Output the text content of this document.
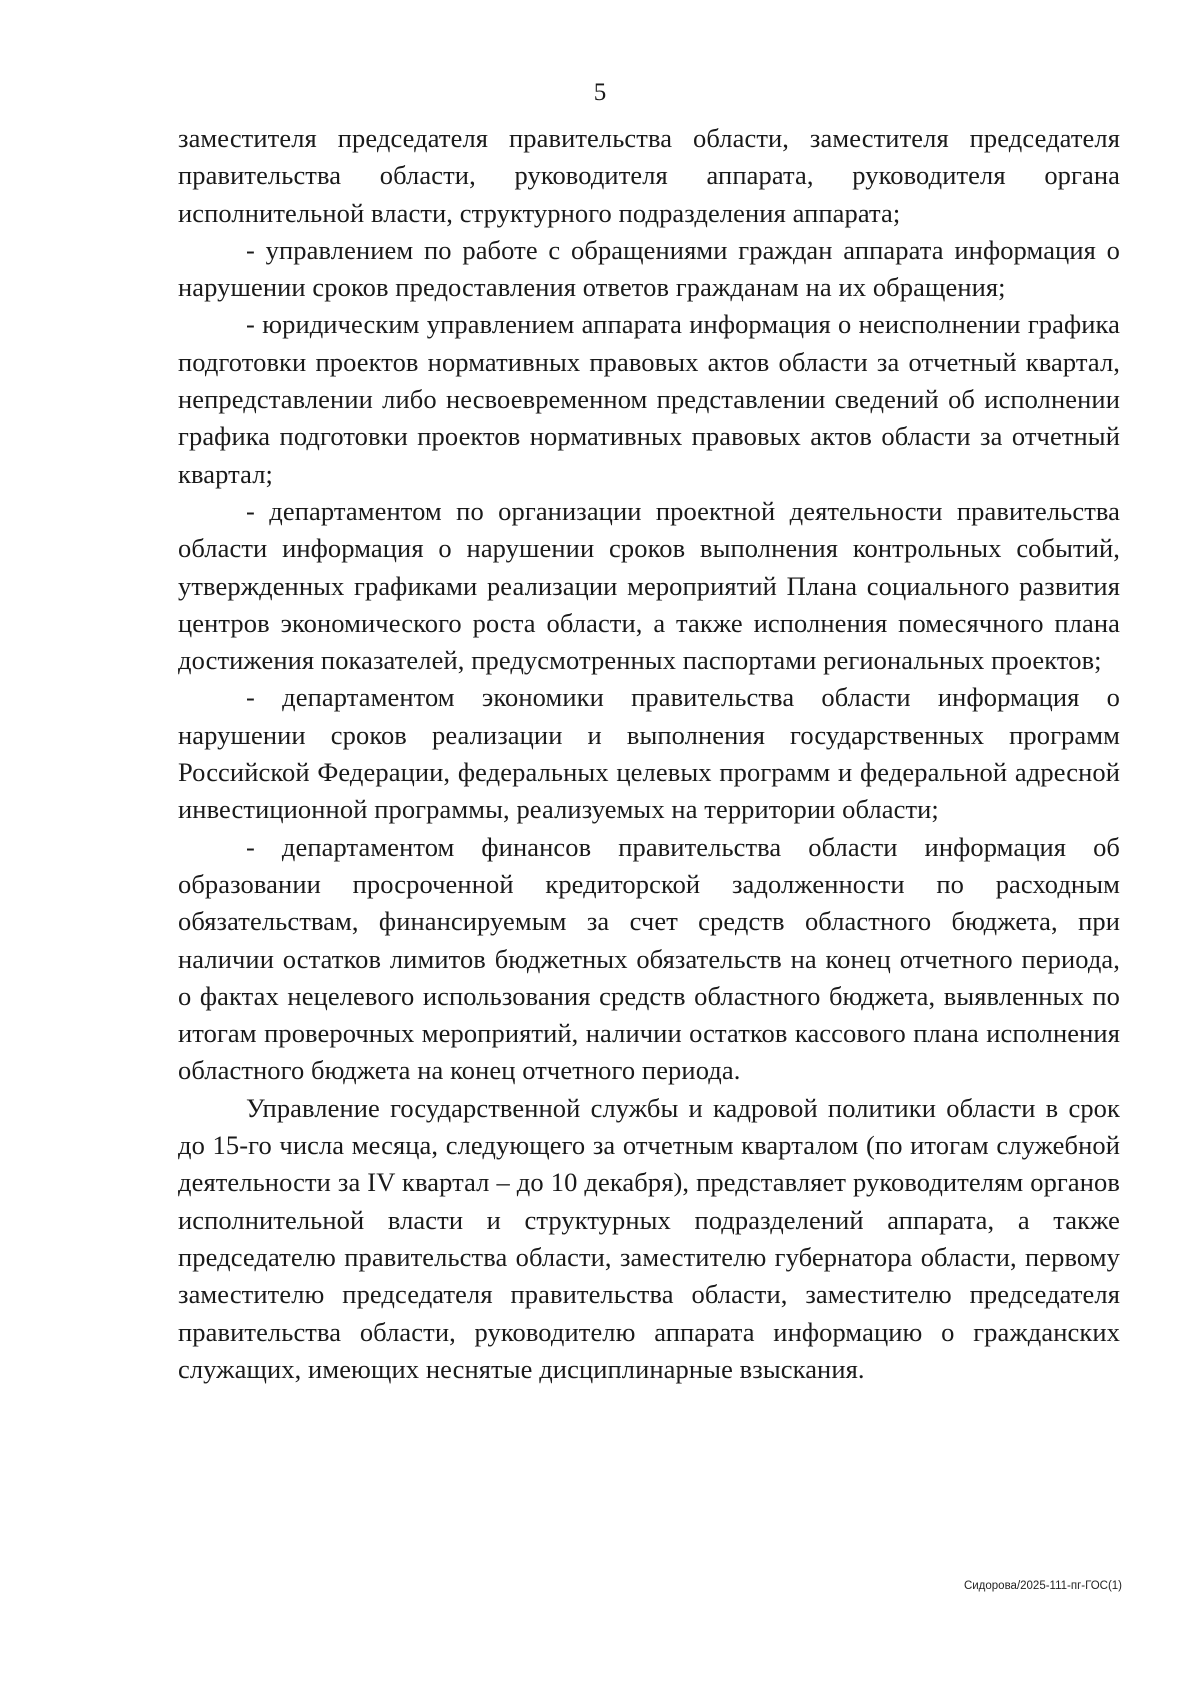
5

заместителя председателя правительства области, заместителя председателя правительства области, руководителя аппарата, руководителя органа исполнительной власти, структурного подразделения аппарата;

- управлением по работе с обращениями граждан аппарата информация о нарушении сроков предоставления ответов гражданам на их обращения;

- юридическим управлением аппарата информация о неисполнении графика подготовки проектов нормативных правовых актов области за отчетный квартал, непредставлении либо несвоевременном представлении сведений об исполнении графика подготовки проектов нормативных правовых актов области за отчетный квартал;

- департаментом по организации проектной деятельности правительства области информация о нарушении сроков выполнения контрольных событий, утвержденных графиками реализации мероприятий Плана социального развития центров экономического роста области, а также исполнения помесячного плана достижения показателей, предусмотренных паспортами региональных проектов;

- департаментом экономики правительства области информация о нарушении сроков реализации и выполнения государственных программ Российской Федерации, федеральных целевых программ и федеральной адресной инвестиционной программы, реализуемых на территории области;

- департаментом финансов правительства области информация об образовании просроченной кредиторской задолженности по расходным обязательствам, финансируемым за счет средств областного бюджета, при наличии остатков лимитов бюджетных обязательств на конец отчетного периода, о фактах нецелевого использования средств областного бюджета, выявленных по итогам проверочных мероприятий, наличии остатков кассового плана исполнения областного бюджета на конец отчетного периода.

Управление государственной службы и кадровой политики области в срок до 15-го числа месяца, следующего за отчетным кварталом (по итогам служебной деятельности за IV квартал – до 10 декабря), представляет руководителям органов исполнительной власти и структурных подразделений аппарата, а также председателю правительства области, заместителю губернатора области, первому заместителю председателя правительства области, заместителю председателя правительства области, руководителю аппарата информацию о гражданских служащих, имеющих неснятые дисциплинарные взыскания.

Сидорова/2025-111-пг-ГОС(1)
